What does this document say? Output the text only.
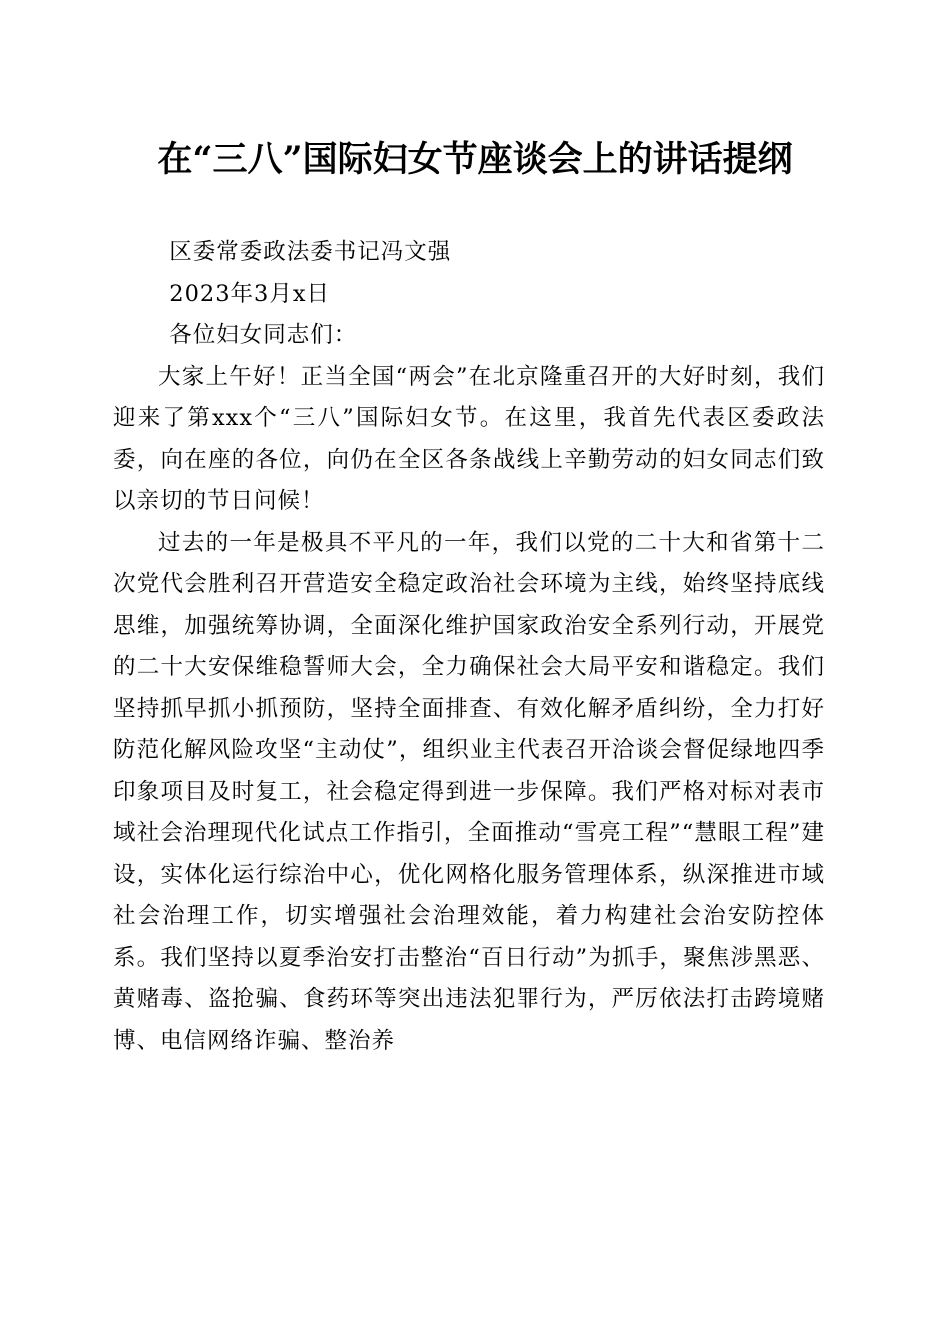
在“三八”国际妇女节座谈会上的讲话提纲

区委常委政法委书记冯文强

2023年3月x日

各位妇女同志们：

大家上午好！正当全国“两会”在北京隆重召开的大好时刻，我们迎来了第xxx个“三八”国际妇女节。在这里，我首先代表区委政法委，向在座的各位，向仍在全区各条战线上辛勤劳动的妇女同志们致以亲切的节日问候！

过去的一年是极具不平凡的一年，我们以党的二十大和省第十二次党代会胜利召开营造安全稳定政治社会环境为主线，始终坚持底线思维，加强统筹协调，全面深化维护国家政治安全系列行动，开展党的二十大安保维稳誓师大会，全力确保社会大局平安和谐稳定。我们坚持抓早抓小抓预防，坚持全面排查、有效化解矛盾纠纷，全力打好防范化解风险攻坚“主动仗”，组织业主代表召开洽谈会督促绿地四季印象项目及时复工，社会稳定得到进一步保障。我们严格对标对表市域社会治理现代化试点工作指引，全面推动“雪亮工程”“慧眼工程”建设，实体化运行综治中心，优化网格化服务管理体系，纵深推进市域社会治理工作，切实增强社会治理效能，着力构建社会治安防控体系。我们坚持以夏季治安打击整治“百日行动”为抓手，聚焦涉黑恶、黄赌毒、盗抢骗、食药环等突出违法犯罪行为，严厉依法打击跨境赌博、电信网络诈骗、整治养
